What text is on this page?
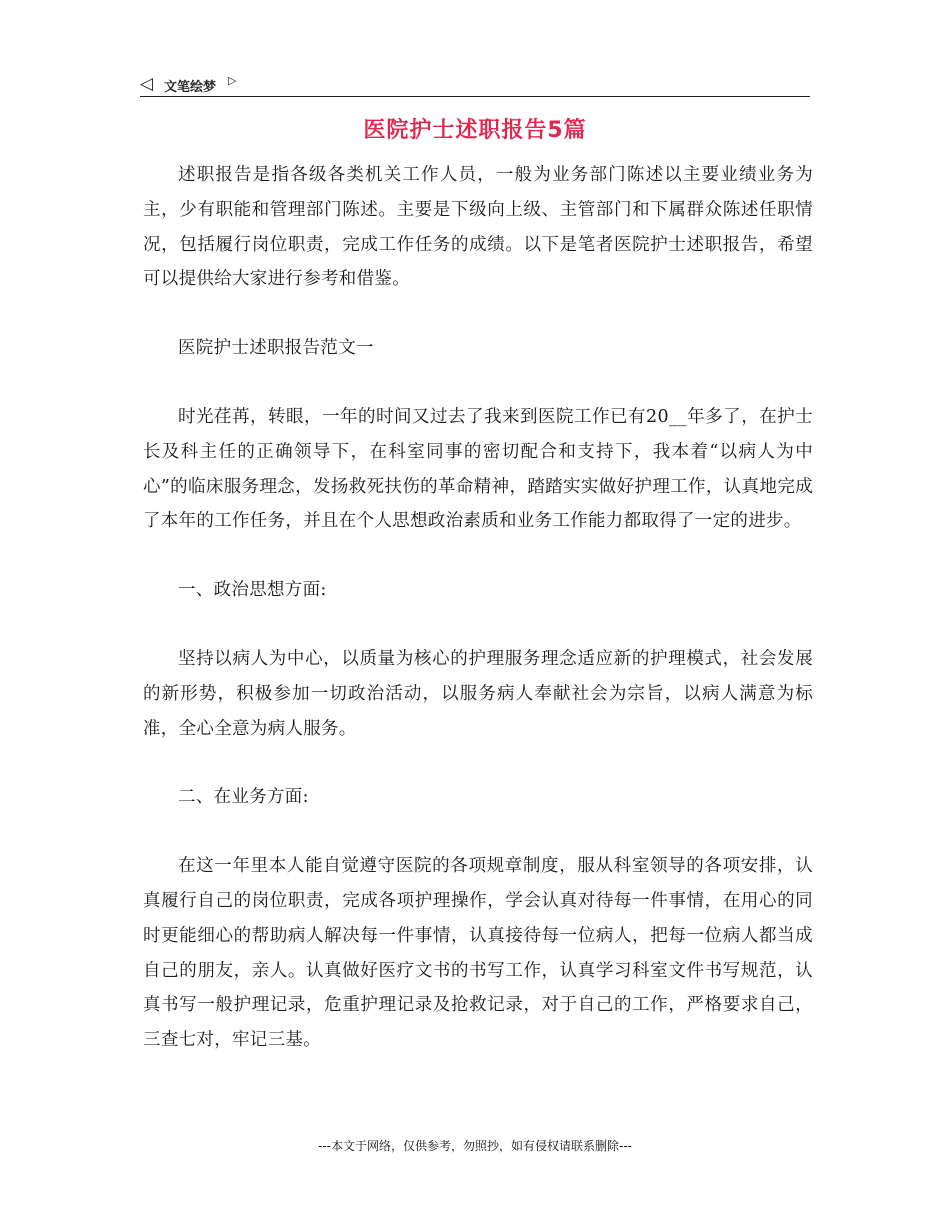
◁ 文笔绘梦 ▷
医院护士述职报告5篇

述职报告是指各级各类机关工作人员，一般为业务部门陈述以主要业绩业务为主，少有职能和管理部门陈述。主要是下级向上级、主管部门和下属群众陈述任职情况，包括履行岗位职责，完成工作任务的成绩。以下是笔者医院护士述职报告，希望可以提供给大家进行参考和借鉴。

医院护士述职报告范文一

时光荏苒，转眼，一年的时间又过去了我来到医院工作已有20__年多了，在护士长及科主任的正确领导下，在科室同事的密切配合和支持下，我本着“以病人为中心”的临床服务理念，发扬救死扶伤的革命精神，踏踏实实做好护理工作，认真地完成了本年的工作任务，并且在个人思想政治素质和业务工作能力都取得了一定的进步。

一、政治思想方面:

坚持以病人为中心，以质量为核心的护理服务理念适应新的护理模式，社会发展的新形势，积极参加一切政治活动，以服务病人奉献社会为宗旨，以病人满意为标准，全心全意为病人服务。

二、在业务方面:

在这一年里本人能自觉遵守医院的各项规章制度，服从科室领导的各项安排，认真履行自己的岗位职责，完成各项护理操作，学会认真对待每一件事情，在用心的同时更能细心的帮助病人解决每一件事情，认真接待每一位病人，把每一位病人都当成自己的朋友，亲人。认真做好医疗文书的书写工作，认真学习科室文件书写规范，认真书写一般护理记录，危重护理记录及抢救记录，对于自己的工作，严格要求自己，三查七对，牢记三基。

---本文于网络，仅供参考，勿照抄，如有侵权请联系删除---
